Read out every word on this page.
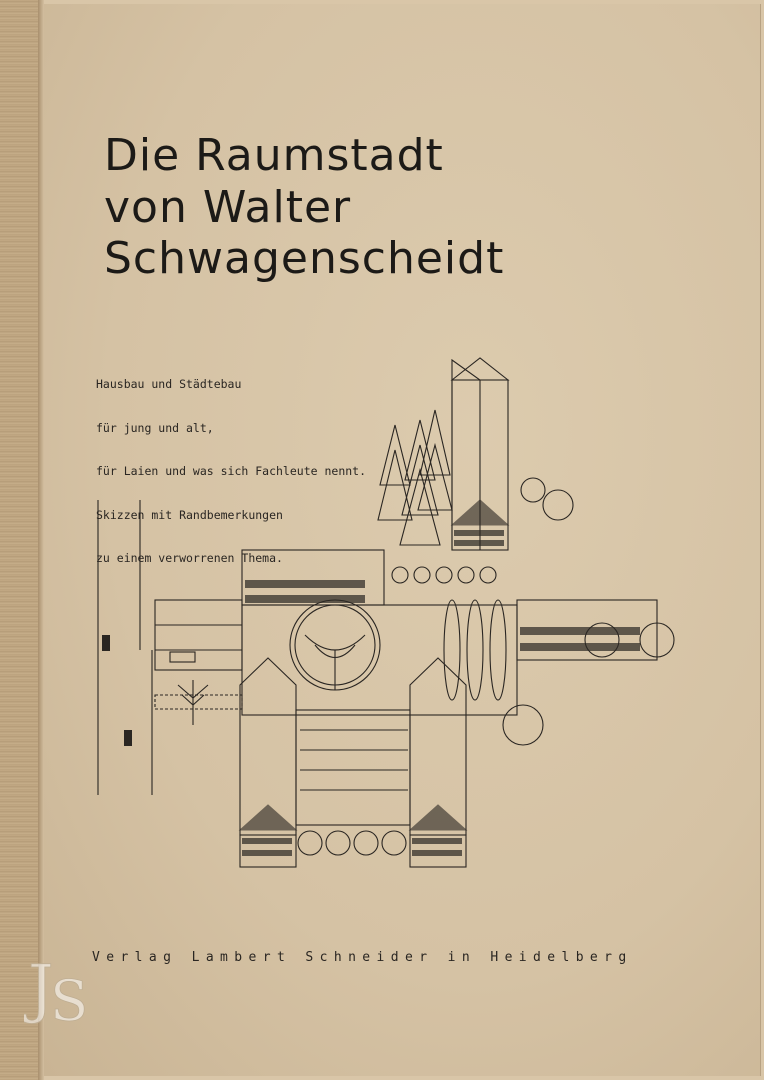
Die Raumstadt
von Walter Schwagenscheidt

Hausbau und Städtebau

für jung und alt,

für Laien und was sich Fachleute nennt.

Skizzen mit Randbemerkungen

zu einem verworrenen Thema.

Verlag Lambert Schneider in Heidelberg
J
S
